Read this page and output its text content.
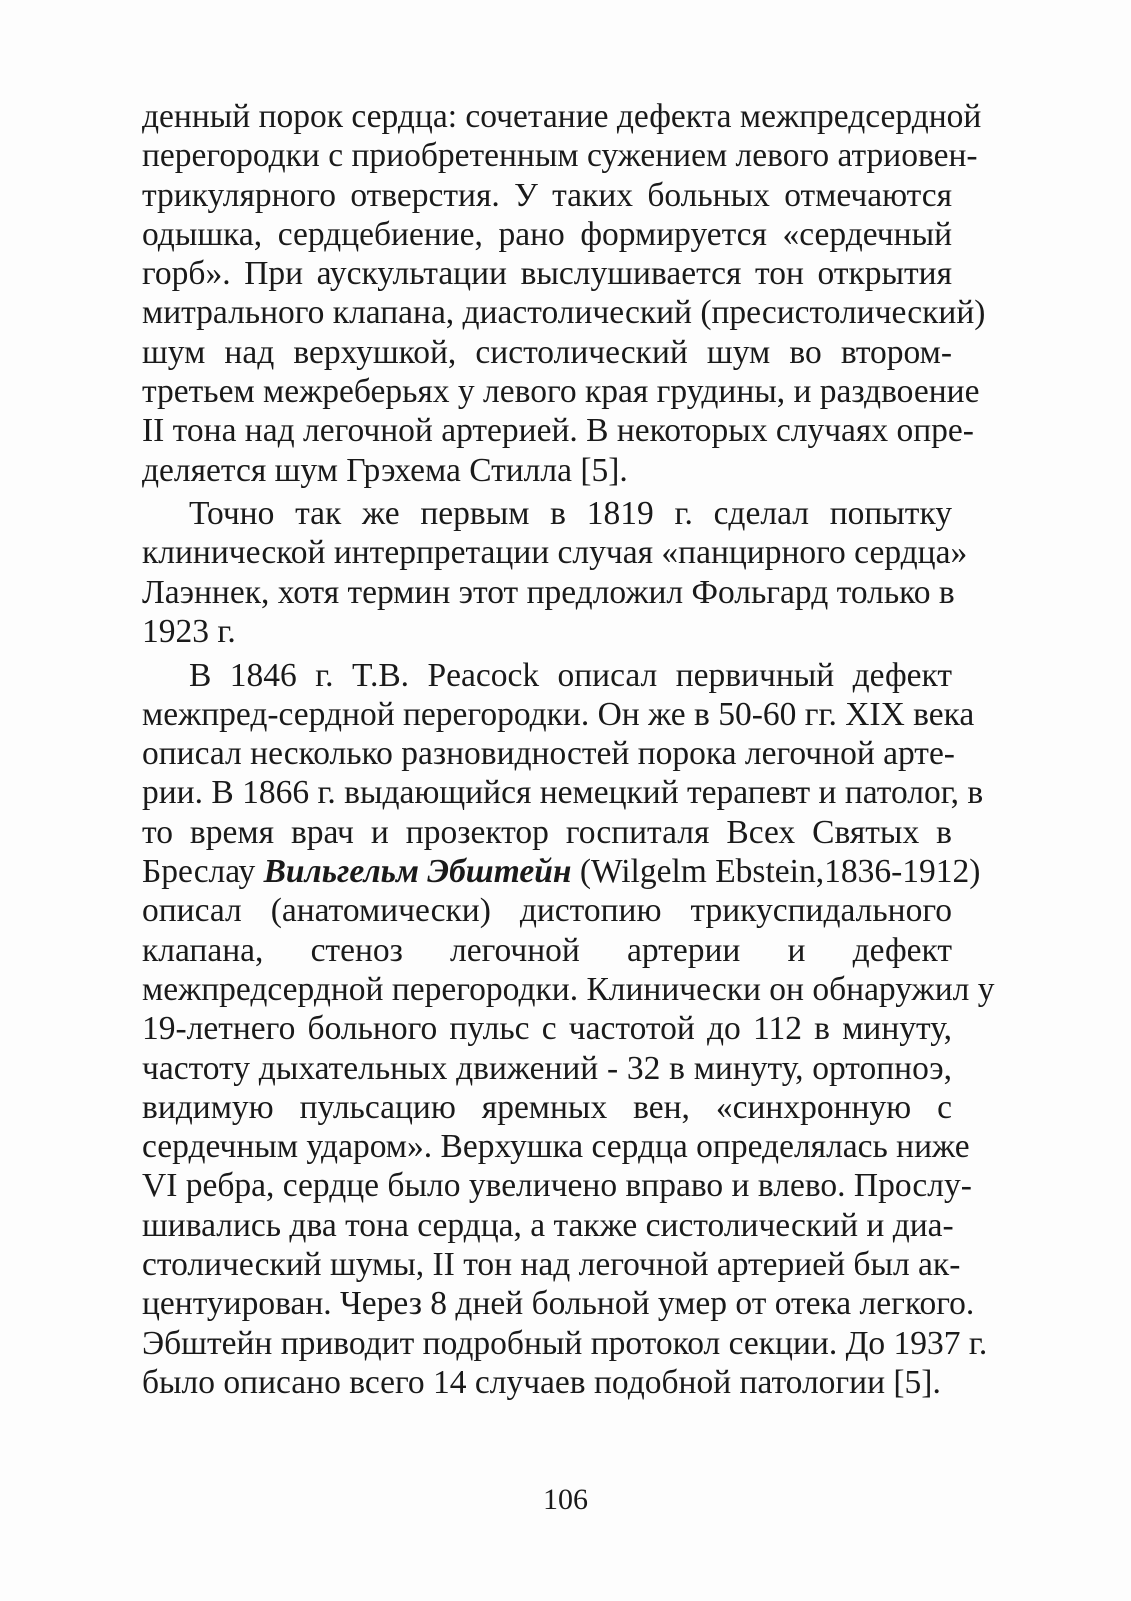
денный порок сердца: сочетание дефекта межпредсердной
перегородки с приобретенным сужением левого атриовен-
трикулярного отверстия. У таких больных отмечаются
одышка, сердцебиение, рано формируется «сердечный
горб». При аускультации выслушивается тон открытия
митрального клапана, диастолический (пресистолический)
шум над верхушкой, систолический шум во втором-
третьем межреберьях у левого края грудины, и раздвоение
II тона над легочной артерией. В некоторых случаях опре-
деляется шум Грэхема Стилла [5].

Точно так же первым в 1819 г. сделал попытку
клинической интерпретации случая «панцирного сердца»
Лаэннек, хотя термин этот предложил Фольгард только в
1923 г.

В 1846 г. T.B. Peacock описал первичный дефект
межпред-сердной перегородки. Он же в 50-60 гг. XIX века
описал несколько разновидностей порока легочной арте-
рии. В 1866 г. выдающийся немецкий терапевт и патолог, в
то время врач и прозектор госпиталя Всех Святых в
Бреслау Вильгельм Эбштейн (Wilgelm Ebstein,1836-1912)
описал (анатомически) дистопию трикуспидального
клапана, стеноз легочной артерии и дефект
межпредсердной перегородки. Клинически он обнаружил у
19-летнего больного пульс с частотой до 112 в минуту,
частоту дыхательных движений - 32 в минуту, ортопноэ,
видимую пульсацию яремных вен, «синхронную с
сердечным ударом». Верхушка сердца определялась ниже
VI ребра, сердце было увеличено вправо и влево. Прослу-
шивались два тона сердца, а также систолический и диа-
столический шумы, II тон над легочной артерией был ак-
центуирован. Через 8 дней больной умер от отека легкого.
Эбштейн приводит подробный протокол секции. До 1937 г.
было описано всего 14 случаев подобной патологии [5].

106
